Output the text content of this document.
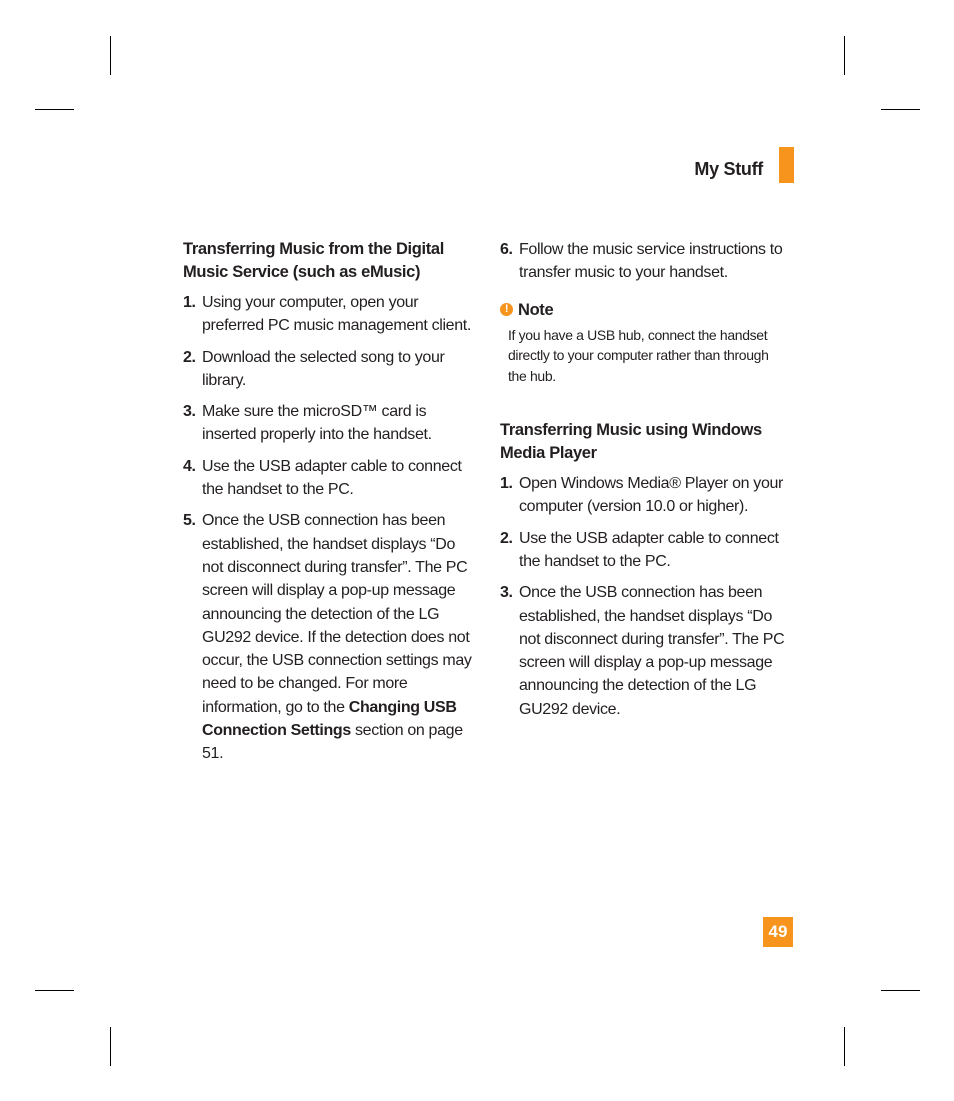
My Stuff
Transferring Music from the Digital Music Service (such as eMusic)
1. Using your computer, open your preferred PC music management client.
2. Download the selected song to your library.
3. Make sure the microSD™ card is inserted properly into the handset.
4. Use the USB adapter cable to connect the handset to the PC.
5. Once the USB connection has been established, the handset displays “Do not disconnect during transfer”. The PC screen will display a pop-up message announcing the detection of the LG GU292 device. If the detection does not occur, the USB connection settings may need to be changed. For more information, go to the Changing USB Connection Settings section on page 51.
6. Follow the music service instructions to transfer music to your handset.
! Note
If you have a USB hub, connect the handset directly to your computer rather than through the hub.
Transferring Music using Windows Media Player
1. Open Windows Media® Player on your computer (version 10.0 or higher).
2. Use the USB adapter cable to connect the handset to the PC.
3. Once the USB connection has been established, the handset displays “Do not disconnect during transfer”. The PC screen will display a pop-up message announcing the detection of the LG GU292 device.
49
